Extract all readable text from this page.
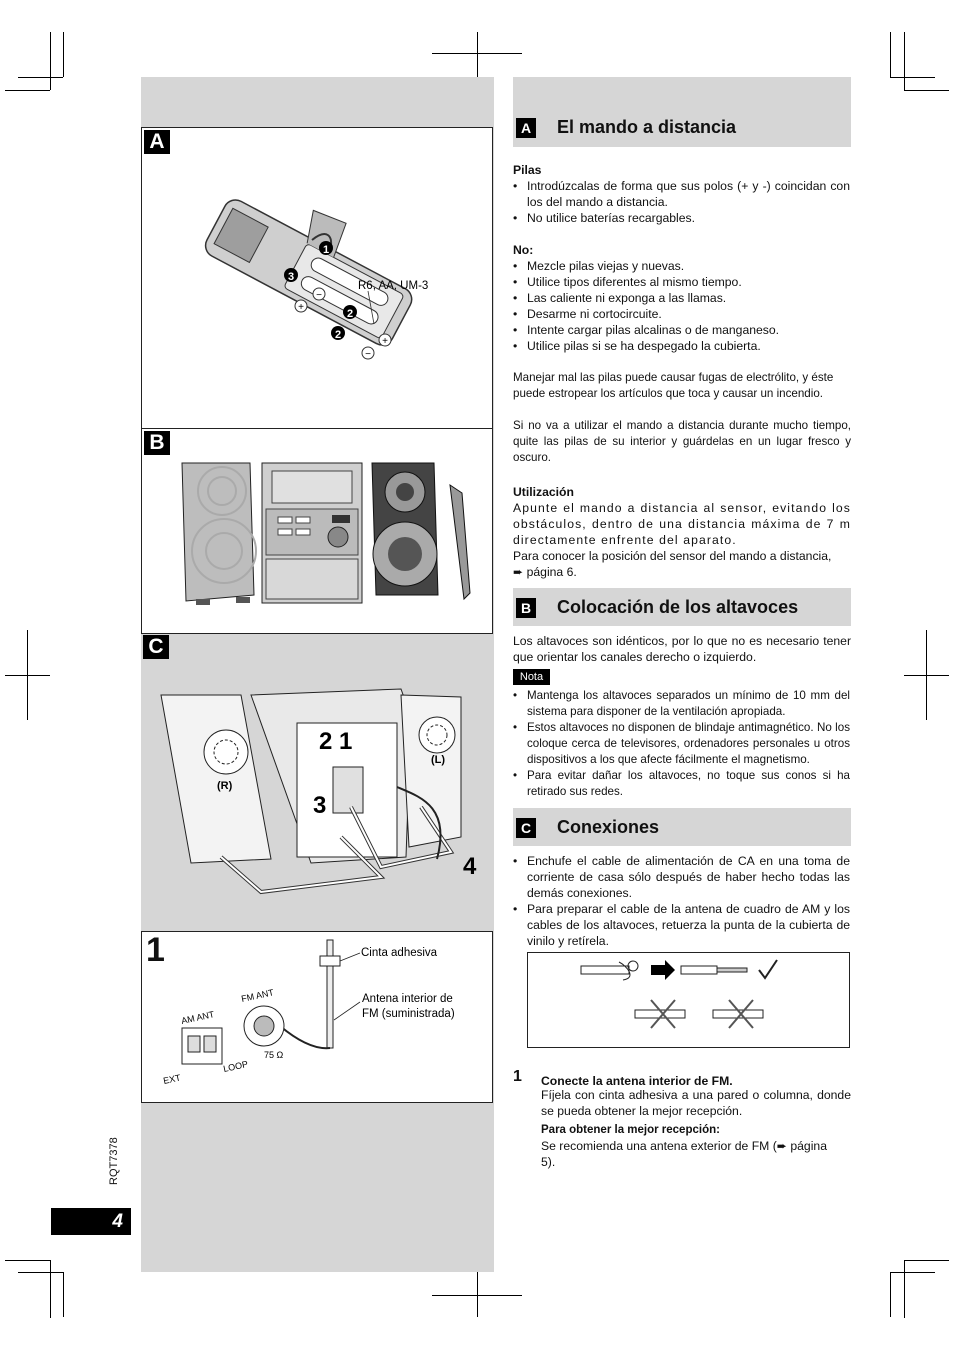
A
1
3
2
2
+
−
+
−
R6, AA, UM-3
B
C
(R)
(L)
2 1
3
4
1	Cinta adhesiva
Antena interior de
FM (suministrada)
AM ANT
FM ANT
EXT
LOOP
75 Ω
RQT7378
4
A El mando a distancia
Pilas
• Introdúzcalas de forma que sus polos (+ y -) coincidan con los del mando a distancia.
• No utilice baterías recargables.
No:
• Mezcle pilas viejas y nuevas.
• Utilice tipos diferentes al mismo tiempo.
• Las caliente ni exponga a las llamas.
• Desarme ni cortocircuite.
• Intente cargar pilas alcalinas o de manganeso.
• Utilice pilas si se ha despegado la cubierta.
Manejar mal las pilas puede causar fugas de electrólito, y éste puede estropear los artículos que toca y causar un incendio.
Si no va a utilizar el mando a distancia durante mucho tiempo, quite las pilas de su interior y guárdelas en un lugar fresco y oscuro.
Utilización
Apunte el mando a distancia al sensor, evitando los obstáculos, dentro de una distancia máxima de 7 m directamente enfrente del aparato.
Para conocer la posición del sensor del mando a distancia,
➨ página 6.
B Colocación de los altavoces
Los altavoces son idénticos, por lo que no es necesario tener que orientar los canales derecho o izquierdo.
Nota
• Mantenga los altavoces separados un mínimo de 10 mm del sistema para disponer de la ventilación apropiada.
• Estos altavoces no disponen de blindaje antimagnético. No los coloque cerca de televisores, ordenadores personales u otros dispositivos a los que afecte fácilmente el magnetismo.
• Para evitar dañar los altavoces, no toque sus conos si ha retirado sus redes.
C Conexiones
• Enchufe el cable de alimentación de CA en una toma de corriente de casa sólo después de haber hecho todas las demás conexiones.
• Para preparar el cable de la antena de cuadro de AM y los cables de los altavoces, retuerza la punta de la cubierta de vinilo y retírela.
1 Conecte la antena interior de FM.
Fíjela con cinta adhesiva a una pared o columna, donde se pueda obtener la mejor recepción.
Para obtener la mejor recepción:
Se recomienda una antena exterior de FM (➨ página
5).
